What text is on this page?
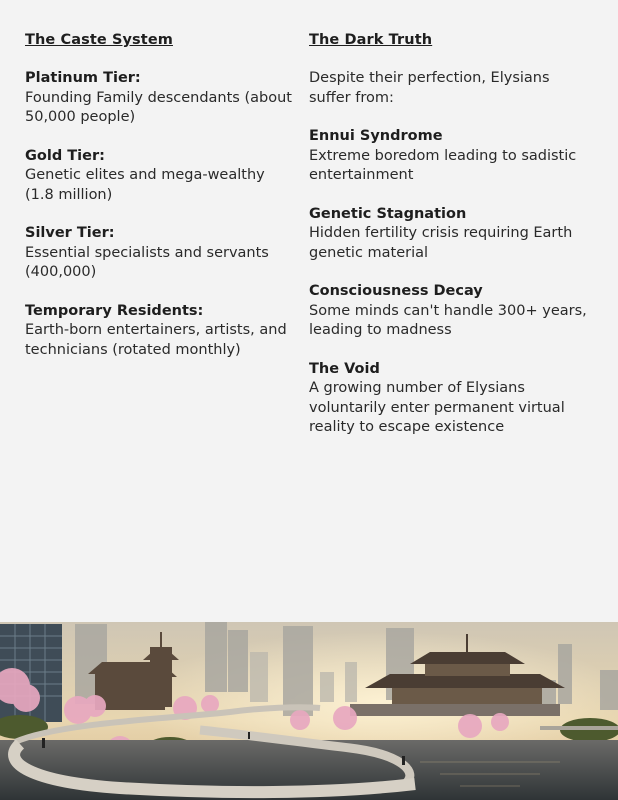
The Caste System
Platinum Tier:
Founding Family descendants (about 50,000 people)
Gold Tier:
Genetic elites and mega-wealthy (1.8 million)
Silver Tier:
Essential specialists and servants (400,000)
Temporary Residents:
Earth-born entertainers, artists, and technicians (rotated monthly)
The Dark Truth
Despite their perfection, Elysians suffer from:
Ennui Syndrome
Extreme boredom leading to sadistic entertainment
Genetic Stagnation
Hidden fertility crisis requiring Earth genetic material
Consciousness Decay
Some minds can't handle 300+ years, leading to madness
The Void
A growing number of Elysians voluntarily enter permanent virtual reality to escape existence
